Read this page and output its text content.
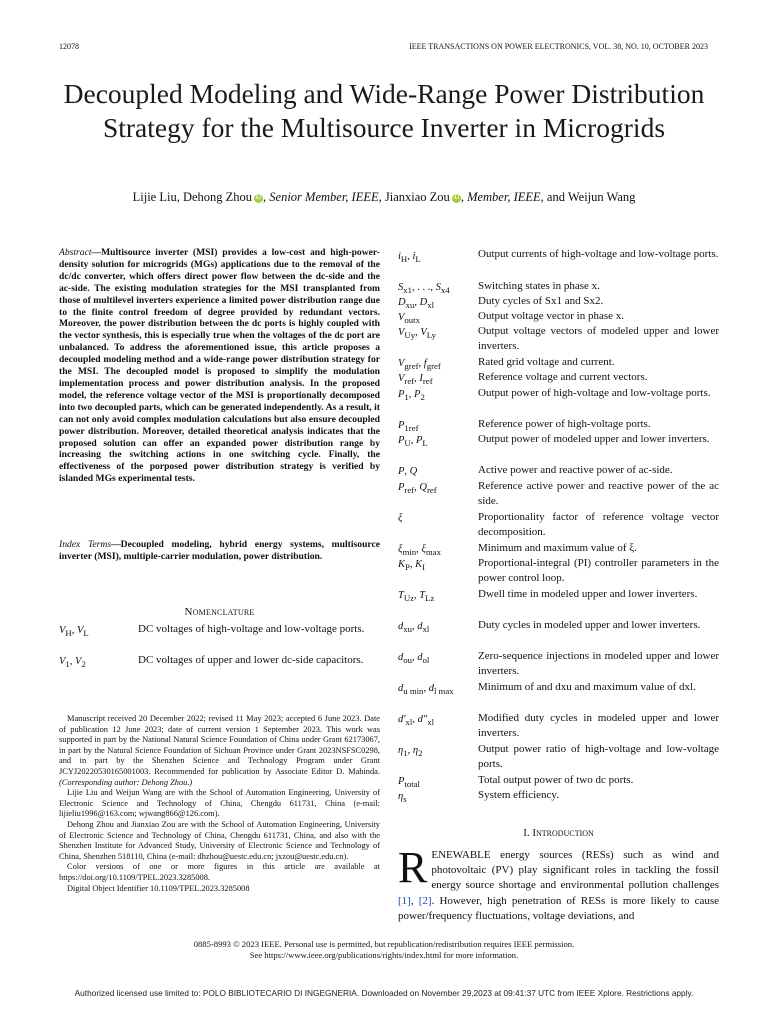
12078	IEEE TRANSACTIONS ON POWER ELECTRONICS, VOL. 38, NO. 10, OCTOBER 2023
Decoupled Modeling and Wide-Range Power Distribution Strategy for the Multisource Inverter in Microgrids
Lijie Liu, Dehong Zhou iD , Senior Member, IEEE, Jianxiao Zou iD , Member, IEEE, and Weijun Wang
Abstract—Multisource inverter (MSI) provides a low-cost and high-power-density solution for microgrids (MGs) applications due to the removal of the dc/dc converter, which offers direct power flow between the dc-side and the ac-side. The existing modulation strategies for the MSI transplanted from those of multilevel inverters experience a limited power distribution range due to the finite control freedom of degree provided by redundant vectors. Moreover, the power distribution between the dc ports is highly coupled with the vector synthesis, this is especially true when the voltages of the dc port are unbalanced. To address the aforementioned issue, this article proposes a decoupled modeling method and a wide-range power distribution strategy for the MSI. The decoupled model is proposed to simplify the modulation implementation process and power distribution analysis. In the proposed model, the reference voltage vector of the MSI is proportionally decomposed into two decoupled parts, which can be generated independently. As a result, it can not only avoid complex modulation calculations but also ensure decoupled power distribution. Moreover, detailed theoretical analysis indicates that the proposed solution can offer an expanded power distribution range by increasing the switching actions in one switching cycle. Finally, the effectiveness of the porposed power distribution strategy is verified by islanded MGs experimental tests.
Index Terms—Decoupled modeling, hybrid energy systems, multisource inverter (MSI), multiple-carrier modulation, power distribution.
Nomenclature
$V_H$, $V_L$	DC voltages of high-voltage and low-voltage ports.
$V_1$, $V_2$	DC voltages of upper and lower dc-side capacitors.
$i_H$, $i_L$	Output currents of high-voltage and low-voltage ports.
$S_{x1}$, . . ., $S_{x4}$	Switching states in phase x.
$D_{xu}$, $D_{xl}$	Duty cycles of Sx1 and Sx2.
$V_{outx}$	Output voltage vector in phase x.
$V_{Uy}$, $V_{Ly}$	Output voltage vectors of modeled upper and lower inverters.
$V_{gref}$, $f_{gref}$	Rated grid voltage and current.
$V_{ref}$, $I_{ref}$	Reference voltage and current vectors.
$P_1$, $P_2$	Output power of high-voltage and low-voltage ports.
$P_{1ref}$	Reference power of high-voltage ports.
$P_U$, $P_L$	Output power of modeled upper and lower inverters.
P, Q	Active power and reactive power of ac-side.
$P_{ref}$, $Q_{ref}$	Reference active power and reactive power of the ac side.
ξ	Proportionality factor of reference voltage vector decomposition.
$\xi_{min}$, $\xi_{max}$	Minimum and maximum value of ξ.
$K_P$, $K_I$	Proportional-integral (PI) controller parameters in the power control loop.
$T_{Uz}$, $T_{Lz}$	Dwell time in modeled upper and lower inverters.
$d_{xu}$, $d_{xl}$	Duty cycles in modeled upper and lower inverters.
$d_{ou}$, $d_{ol}$	Zero-sequence injections in modeled upper and lower inverters.
$d_{u min}$, $d_{l max}$	Minimum of and dxu and maximum value of dxl.
$d'_{xl}$, $d''_{xl}$	Modified duty cycles in modeled upper and lower inverters.
$\eta_1$, $\eta_2$	Output power ratio of high-voltage and low-voltage ports.
$P_{total}$	Total output power of two dc ports.
$\eta_s$	System efficiency.

Manuscript received 20 December 2022; revised 11 May 2023; accepted 6 June 2023. Date of publication 12 June 2023; date of current version 1 September 2023. This work was supported in part by the National Natural Science Foundation of China under Grant 62173067, in part by the Natural Science Foundation of Sichuan Province under Grant 2023NSFSC0298, and in part by the Shenzhen Science and Technology Program under Grant JCYJ20220530165001003. Recommended for publication by Associate Editor D. Mahinda. (Corresponding author: Dehong Zhou.)

Lijie Liu and Weijun Wang are with the School of Automation Engineering, University of Electronic Science and Technology of China, Chengdu 611731, China (e-mail: lijieliu1996@163.com; wjwang866@126.com).

Dehong Zhou and Jianxiao Zou are with the School of Automation Engineering, University of Electronic Science and Technology of China, Chengdu 611731, China, and also with the Shenzhen Institute for Advanced Study, University of Electronic Science and Technology of China, Shenzhen 518110, China (e-mail: dhzhou@uestc.edu.cn; jxzou@uestc.edu.cn).

Color versions of one or more figures in this article are available at https://doi.org/10.1109/TPEL.2023.3285008.

Digital Object Identifier 10.1109/TPEL.2023.3285008

I. Introduction
RENEWABLE energy sources (RESs) such as wind and photovoltaic (PV) play significant roles in tackling the fossil energy source shortage and environmental pollution challenges [1], [2]. However, high penetration of RESs is more likely to cause power/frequency fluctuations, voltage deviations, and
0885-8993 © 2023 IEEE. Personal use is permitted, but republication/redistribution requires IEEE permission.
See https://www.ieee.org/publications/rights/index.html for more information.
Authorized licensed use limited to: POLO BIBLIOTECARIO DI INGEGNERIA. Downloaded on November 29,2023 at 09:41:37 UTC from IEEE Xplore. Restrictions apply.
